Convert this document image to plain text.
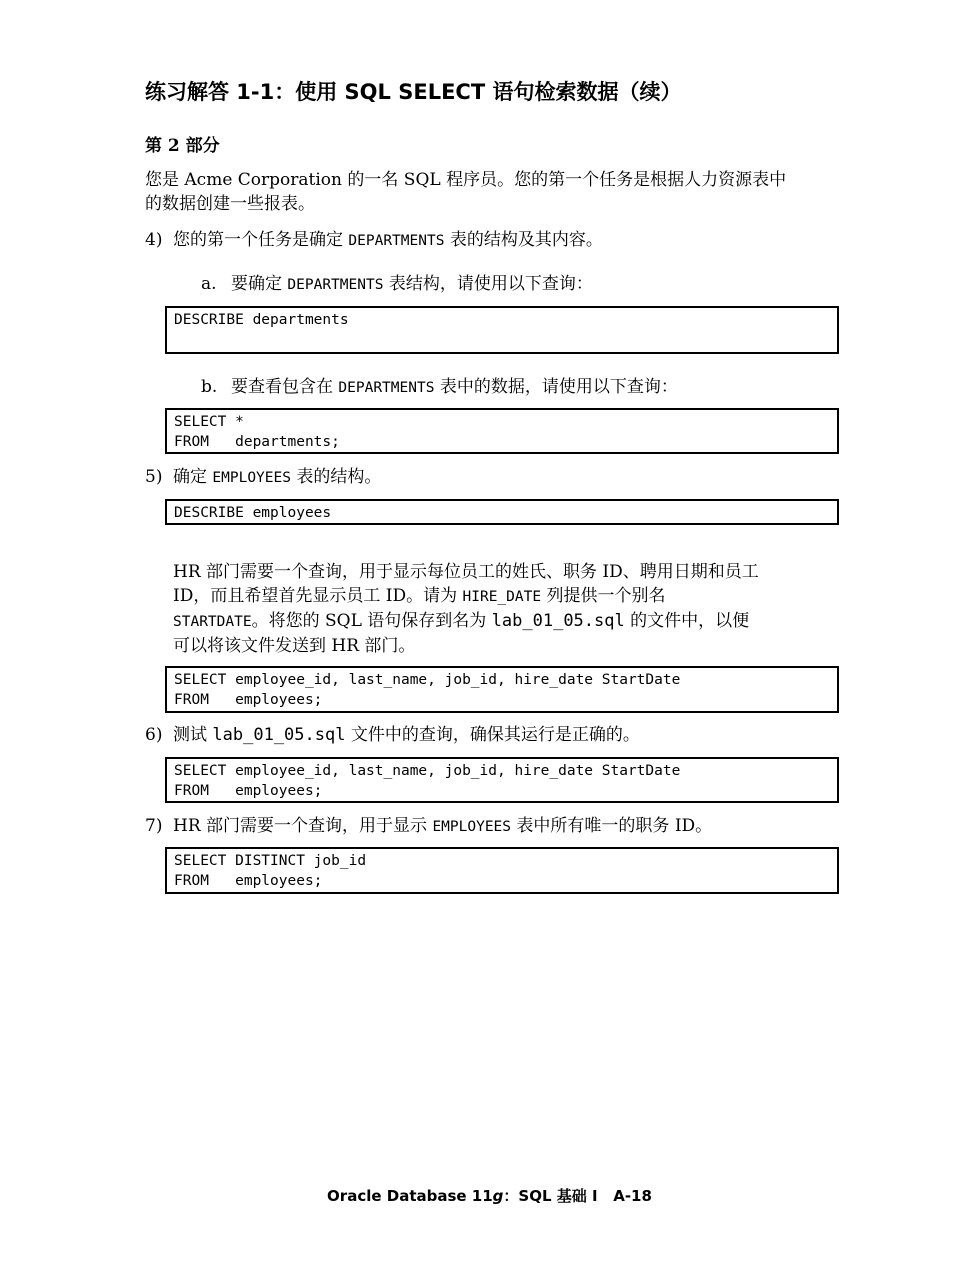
练习解答 1-1：使用 SQL SELECT 语句检索数据（续）
第 2 部分
您是 Acme Corporation 的一名 SQL 程序员。您的第一个任务是根据人力资源表中
的数据创建一些报表。
4) 您的第一个任务是确定 DEPARTMENTS 表的结构及其内容。
a. 要确定 DEPARTMENTS 表结构，请使用以下查询：
DESCRIBE departments
b. 要查看包含在 DEPARTMENTS 表中的数据，请使用以下查询：
SELECT *
FROM   departments;
5) 确定 EMPLOYEES 表的结构。
DESCRIBE employees
HR 部门需要一个查询，用于显示每位员工的姓氏、职务 ID、聘用日期和员工
ID，而且希望首先显示员工 ID。请为 HIRE_DATE 列提供一个别名
STARTDATE。将您的 SQL 语句保存到名为 lab_01_05.sql 的文件中，以便
可以将该文件发送到 HR 部门。
SELECT employee_id, last_name, job_id, hire_date StartDate
FROM   employees;
6) 测试 lab_01_05.sql 文件中的查询，确保其运行是正确的。
SELECT employee_id, last_name, job_id, hire_date StartDate
FROM   employees;
7) HR 部门需要一个查询，用于显示 EMPLOYEES 表中所有唯一的职务 ID。
SELECT DISTINCT job_id
FROM   employees;
Oracle Database 11g：SQL 基础 I   A-18
